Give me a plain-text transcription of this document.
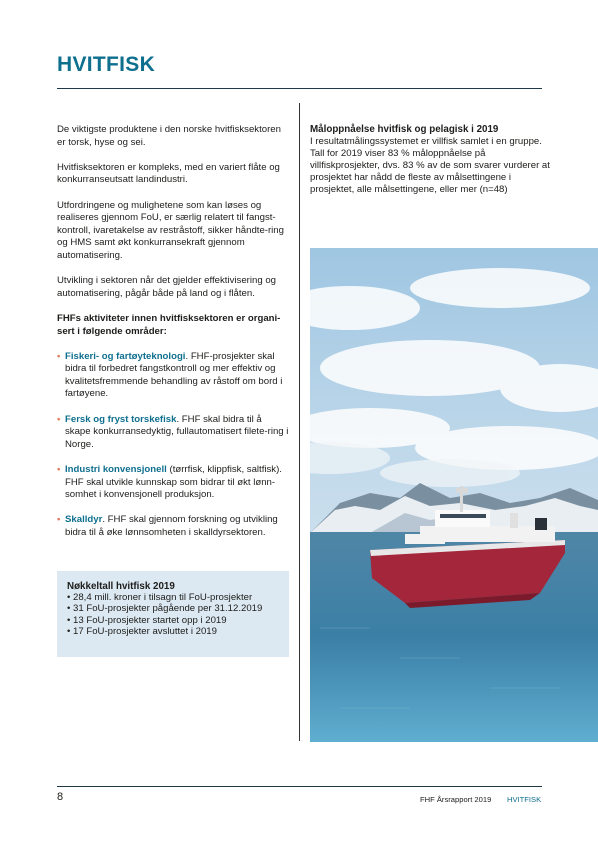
HVITFISK

De viktigste produktene i den norske hvitfisksektoren er torsk, hyse og sei.

Hvitfisksektoren er kompleks, med en variert flåte og konkurranseutsatt landindustri.

Utfordringene og mulighetene som kan løses og realiseres gjennom FoU, er særlig relatert til fangst-kontroll, ivaretakelse av restråstoff, sikker håndte-ring og HMS samt økt konkurransekraft gjennom automatisering.

Utvikling i sektoren når det gjelder effektivisering og automatisering, pågår både på land og i flåten.

FHFs aktiviteter innen hvitfisksektoren er organi-sert i følgende områder:

• Fiskeri- og fartøyteknologi. FHF-prosjekter skal bidra til forbedret fangstkontroll og mer effektiv og kvalitetsfremmende behandling av råstoff om bord i fartøyene.
• Fersk og fryst torskefisk. FHF skal bidra til å skape konkurransedyktig, fullautomatisert filete-ring i Norge.
• Industri konvensjonell (tørrfisk, klippfisk, saltfisk). FHF skal utvikle kunnskap som bidrar til økt lønn-somhet i konvensjonell produksjon.
• Skalldyr. FHF skal gjennom forskning og utvikling bidra til å øke lønnsomheten i skalldyrsektoren.
Nøkkeltall hvitfisk 2019
• 28,4 mill. kroner i tilsagn til FoU-prosjekter
• 31 FoU-prosjekter pågående per 31.12.2019
• 13 FoU-prosjekter startet opp i 2019
• 17 FoU-prosjekter avsluttet i 2019
Måloppnåelse hvitfisk og pelagisk i 2019

I resultatmålingssystemet er villfisk samlet i en gruppe. Tall for 2019 viser 83 % måloppnåelse på villfiskprosjekter, dvs. 83 % av de som svarer vurderer at prosjektet har nådd de fleste av målsettingene i prosjektet, alle målsettingene, eller mer (n=48)

8	FHF Årsrapport 2019 HVITFISK
